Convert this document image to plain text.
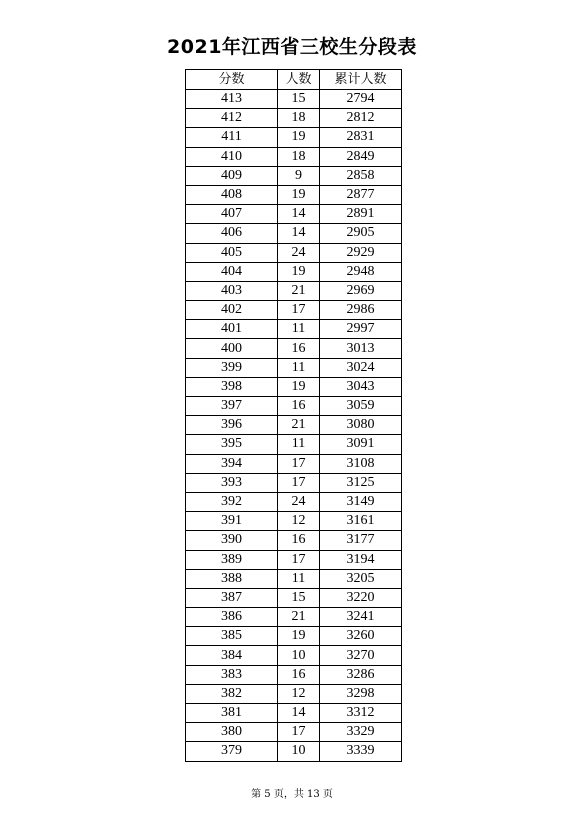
2021年江西省三校生分段表
分数	人数	累计人数
413	15	2794
412	18	2812
411	19	2831
410	18	2849
409	9	2858
408	19	2877
407	14	2891
406	14	2905
405	24	2929
404	19	2948
403	21	2969
402	17	2986
401	11	2997
400	16	3013
399	11	3024
398	19	3043
397	16	3059
396	21	3080
395	11	3091
394	17	3108
393	17	3125
392	24	3149
391	12	3161
390	16	3177
389	17	3194
388	11	3205
387	15	3220
386	21	3241
385	19	3260
384	10	3270
383	16	3286
382	12	3298
381	14	3312
380	17	3329
379	10	3339
第 5 页，共 13 页
